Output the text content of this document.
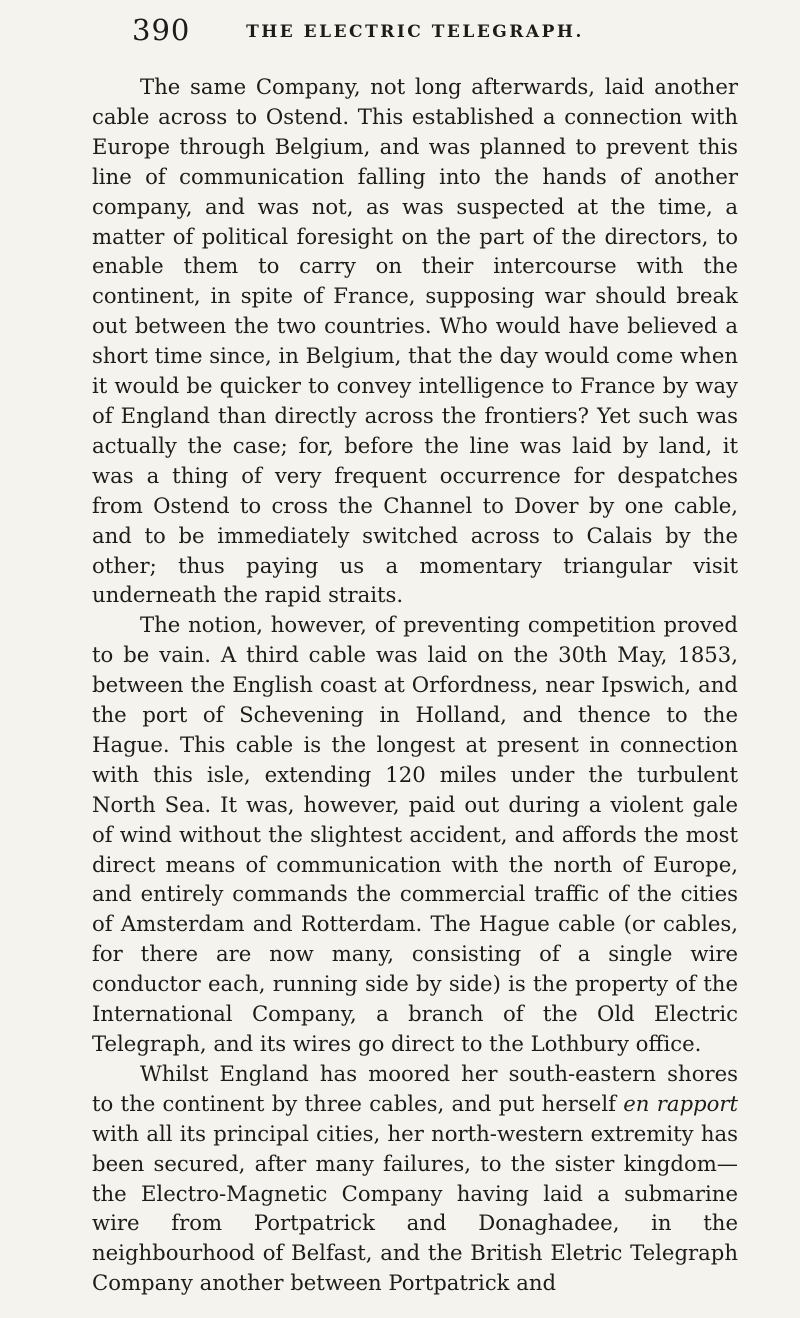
390	THE ELECTRIC TELEGRAPH.

The same Company, not long afterwards, laid another cable across to Ostend. This established a connection with Europe through Belgium, and was planned to prevent this line of communication falling into the hands of another company, and was not, as was suspected at the time, a matter of political foresight on the part of the directors, to enable them to carry on their intercourse with the continent, in spite of France, supposing war should break out between the two countries. Who would have believed a short time since, in Belgium, that the day would come when it would be quicker to convey intelligence to France by way of England than directly across the frontiers? Yet such was actually the case; for, before the line was laid by land, it was a thing of very frequent occurrence for despatches from Ostend to cross the Channel to Dover by one cable, and to be immediately switched across to Calais by the other; thus paying us a momentary triangular visit underneath the rapid straits.

The notion, however, of preventing competition proved to be vain. A third cable was laid on the 30th May, 1853, between the English coast at Orfordness, near Ipswich, and the port of Schevening in Holland, and thence to the Hague. This cable is the longest at present in connection with this isle, extending 120 miles under the turbulent North Sea. It was, however, paid out during a violent gale of wind without the slightest accident, and affords the most direct means of communication with the north of Europe, and entirely commands the commercial traffic of the cities of Amsterdam and Rotterdam. The Hague cable (or cables, for there are now many, consisting of a single wire conductor each, running side by side) is the property of the International Company, a branch of the Old Electric Telegraph, and its wires go direct to the Lothbury office.

Whilst England has moored her south-eastern shores to the continent by three cables, and put herself en rapport with all its principal cities, her north-western extremity has been secured, after many failures, to the sister kingdom—the Electro-Magnetic Company having laid a submarine wire from Portpatrick and Donaghadee, in the neighbourhood of Belfast, and the British Eletric Telegraph Company another between Portpatrick and
